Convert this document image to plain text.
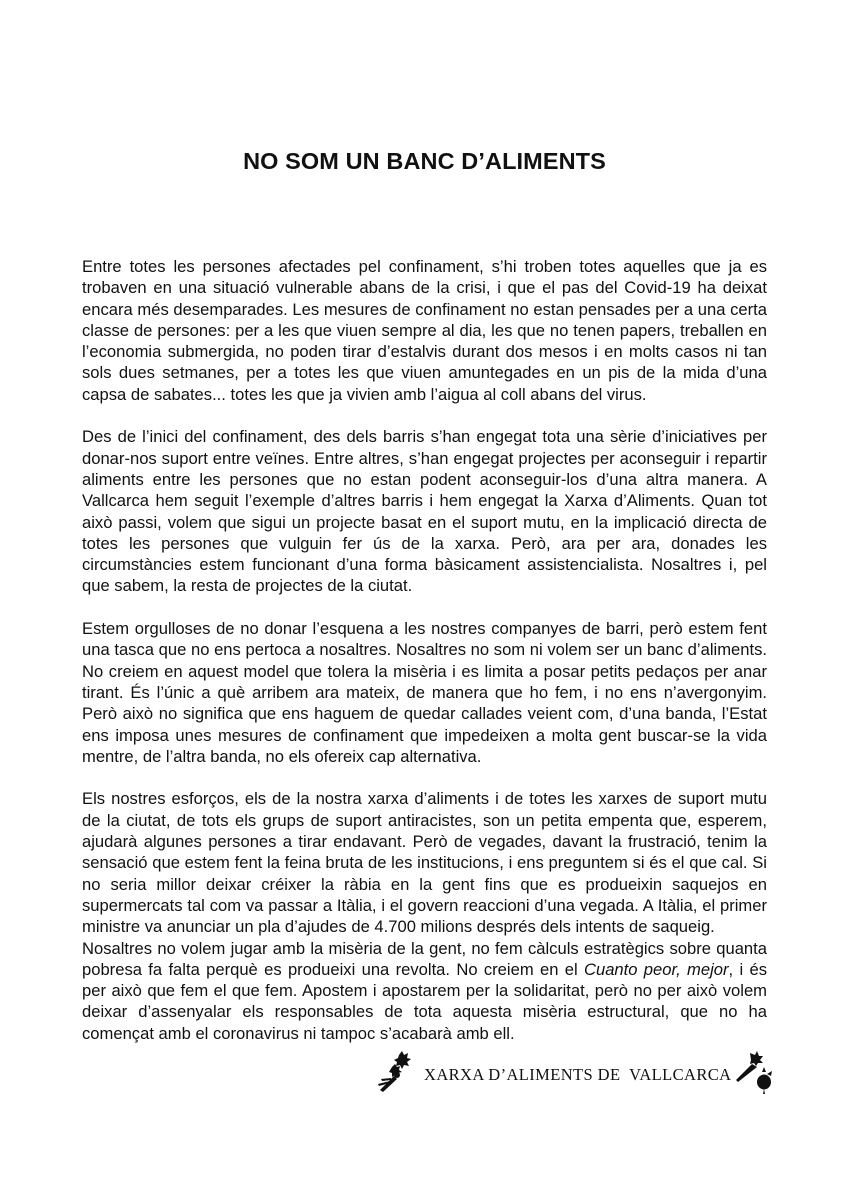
NO SOM UN BANC D’ALIMENTS

Entre totes les persones afectades pel confinament, s’hi troben totes aquelles que ja es trobaven en una situació vulnerable abans de la crisi, i que el pas del Covid-19 ha deixat encara més desemparades. Les mesures de confinament no estan pensades per a una certa classe de persones: per a les que viuen sempre al dia, les que no tenen papers, treballen en l’economia submergida, no poden tirar d’estalvis durant dos mesos i en molts casos ni tan sols dues setmanes, per a totes les que viuen amuntegades en un pis de la mida d’una capsa de sabates... totes les que ja vivien amb l’aigua al coll abans del virus.

Des de l’inici del confinament, des dels barris s’han engegat tota una sèrie d’iniciatives per donar-nos suport entre veïnes. Entre altres, s’han engegat projectes per aconseguir i repartir aliments entre les persones que no estan podent aconseguir-los d’una altra manera. A Vallcarca hem seguit l’exemple d’altres barris i hem engegat la Xarxa d’Aliments. Quan tot això passi, volem que sigui un projecte basat en el suport mutu, en la implicació directa de totes les persones que vulguin fer ús de la xarxa. Però, ara per ara, donades les circumstàncies estem funcionant d’una forma bàsicament assistencialista. Nosaltres i, pel que sabem, la resta de projectes de la ciutat.

Estem orgulloses de no donar l’esquena a les nostres companyes de barri, però estem fent una tasca que no ens pertoca a nosaltres. Nosaltres no som ni volem ser un banc d’aliments. No creiem en aquest model que tolera la misèria i es limita a posar petits pedaços per anar tirant. És l’únic a què arribem ara mateix, de manera que ho fem, i no ens n’avergonyim. Però això no significa que ens haguem de quedar callades veient com, d’una banda, l’Estat ens imposa unes mesures de confinament que impedeixen a molta gent buscar-se la vida mentre, de l’altra banda, no els ofereix cap alternativa.

Els nostres esforços, els de la nostra xarxa d’aliments i de totes les xarxes de suport mutu de la ciutat, de tots els grups de suport antiracistes, son un petita empenta que, esperem, ajudarà algunes persones a tirar endavant. Però de vegades, davant la frustració, tenim la sensació que estem fent la feina bruta de les institucions, i ens preguntem si és el que cal. Si no seria millor deixar créixer la ràbia en la gent fins que es produeixin saquejos en supermercats tal com va passar a Itàlia, i el govern reaccioni d’una vegada. A Itàlia, el primer ministre va anunciar un pla d’ajudes de 4.700 milions després dels intents de saqueig.

Nosaltres no volem jugar amb la misèria de la gent, no fem càlculs estratègics sobre quanta pobresa fa falta perquè es produeixi una revolta. No creiem en el Cuanto peor, mejor, i és per això que fem el que fem. Apostem i apostarem per la solidaritat, però no per això volem deixar d’assenyalar els responsables de tota aquesta misèria estructural, que no ha començat amb el coronavirus ni tampoc s’acabarà amb ell.

XARXA D’ALIMENTS DE  VALLCARCA
